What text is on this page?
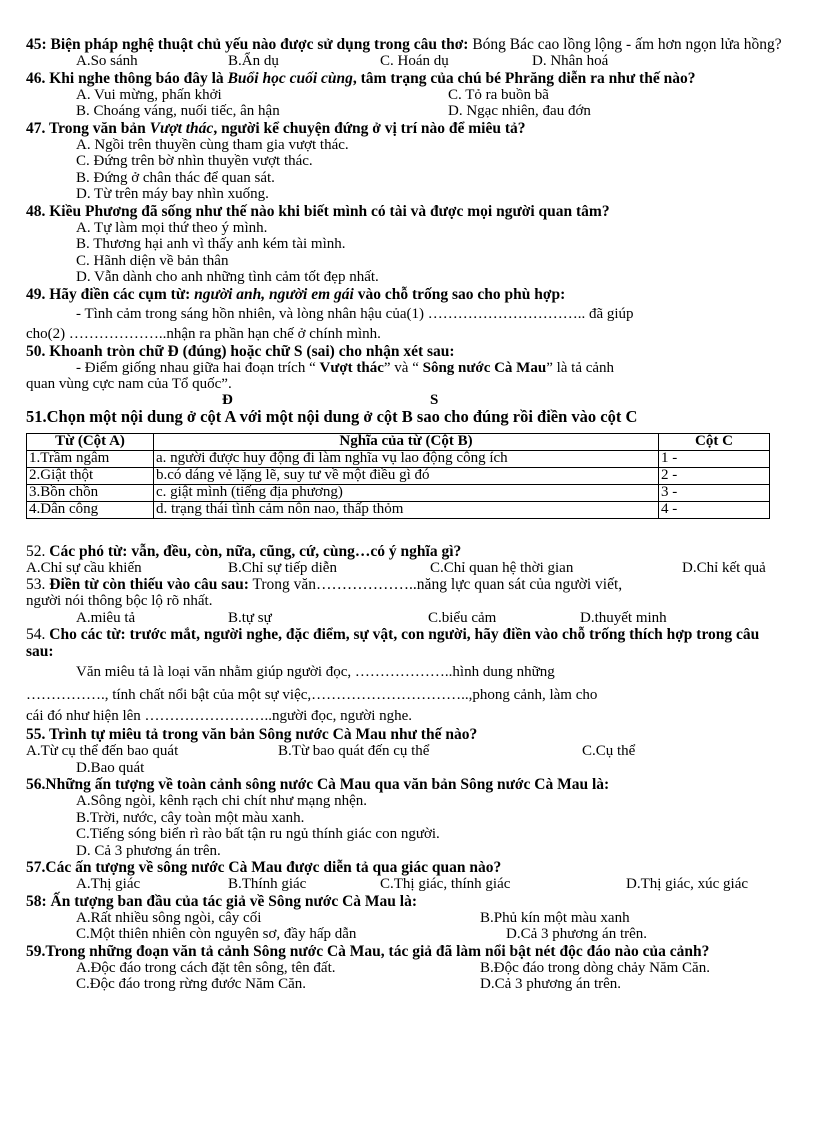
45: Biện pháp nghệ thuật chủ yếu nào được sử dụng trong câu thơ: Bóng Bác cao lồng lộng - ấm hơn ngọn lửa hồng?
A.So sánh	B.Ẩn dụ	C. Hoán dụ	D. Nhân hoá
46. Khi nghe thông báo đây là Buổi học cuối cùng, tâm trạng của chú bé Phrăng diễn ra như thế nào?
A. Vui mừng, phấn khởi	C. Tỏ ra buồn bã
B. Choáng váng, nuối tiếc, ân hận	D. Ngạc nhiên, đau đớn
47. Trong văn bản Vượt thác, người kể chuyện đứng ở vị trí nào để miêu tả?
A. Ngồi trên thuyền cùng tham gia vượt thác.
C. Đứng trên bờ nhìn thuyền vượt thác.
B. Đứng ở chân thác để quan sát.
D. Từ trên máy bay nhìn xuống.
48. Kiều Phương đã sống như thế nào khi biết mình có tài và được mọi người quan tâm?
A. Tự làm mọi thứ theo ý mình.
B. Thương hại anh vì thấy anh kém tài mình.
C. Hãnh diện về bản thân
D. Vẫn dành cho anh những tình cảm tốt đẹp nhất.
49. Hãy điền các cụm từ: người anh, người em gái vào chỗ trống sao cho phù hợp:
- Tình cảm trong sáng hồn nhiên, và lòng nhân hậu của(1) ………………………….. đã giúp
cho(2) ………………..nhận ra phần hạn chế ở chính mình.
50. Khoanh tròn chữ Đ (đúng) hoặc chữ S (sai) cho nhận xét sau:
- Điểm giống nhau giữa hai đoạn trích “ Vượt thác” và “ Sông nước Cà Mau” là tả cảnh
quan vùng cực nam của Tổ quốc”.
Đ	S
51.Chọn một nội dung ở cột A với một nội dung ở cột B sao cho đúng rồi điền vào cột C
Từ (Cột A)	Nghĩa của từ (Cột B)	Cột C
1.Trầm ngâm	a. người được huy động đi làm nghĩa vụ lao động công ích	1 -
2.Giật thột	b.có dáng vẻ lặng lẽ, suy tư về một điều gì đó	2 -
3.Bồn chồn	c. giật mình (tiếng địa phương)	3 -
4.Dân công	d. trạng thái tình cảm nôn nao, thấp thỏm	4 -
52. Các phó từ: vẫn, đều, còn, nữa, cũng, cứ, cùng…có ý nghĩa gì?
A.Chỉ sự cầu khiến	B.Chỉ sự tiếp diễn	C.Chỉ quan hệ thời gian	D.Chỉ kết quả
53. Điền từ còn thiếu vào câu sau: Trong văn………………..năng lực quan sát của người viết,
người nói thông bộc lộ rõ nhất.
A.miêu tả	B.tự sự	C.biểu cảm	D.thuyết minh
54. Cho các từ: trước mắt, người nghe, đặc điểm, sự vật, con người, hãy điền vào chỗ trống thích hợp trong câu sau:
Văn miêu tả là loại văn nhằm giúp người đọc, ………………..hình dung những
……………., tính chất nổi bật của một sự việc,…………………………..,phong cảnh, làm cho
cái đó như hiện lên ……………………..người đọc, người nghe.
55. Trình tự miêu tả trong văn bản Sông nước Cà Mau như thế nào?
A.Từ cụ thể đến bao quát	B.Từ bao quát đến cụ thể	C.Cụ thể
D.Bao quát
56.Những ấn tượng về toàn cảnh sông nước Cà Mau qua văn bản Sông nước Cà Mau là:
A.Sông ngòi, kênh rạch chi chít như mạng nhện.
B.Trời, nước, cây toàn một màu xanh.
C.Tiếng sóng biển rì rào bất tận ru ngủ thính giác con người.
D. Cả 3 phương án trên.
57.Các ấn tượng về sông nước Cà Mau được diễn tả qua giác quan nào?
A.Thị giác	B.Thính giác	C.Thị giác, thính giác	D.Thị giác, xúc giác
58: Ấn tượng ban đầu của tác giả về Sông nước Cà Mau là:
A.Rất nhiều sông ngòi, cây cối	B.Phủ kín một màu xanh
C.Một thiên nhiên còn nguyên sơ, đầy hấp dẫn	D.Cả 3 phương án trên.
59.Trong những đoạn văn tả cảnh Sông nước Cà Mau, tác giả đã làm nổi bật nét độc đáo nào của cảnh?
A.Độc đáo trong cách đặt tên sông, tên đất.	B.Độc đáo trong dòng chảy Năm Căn.
C.Độc đáo trong rừng đước Năm Căn.	D.Cả 3 phương án trên.
